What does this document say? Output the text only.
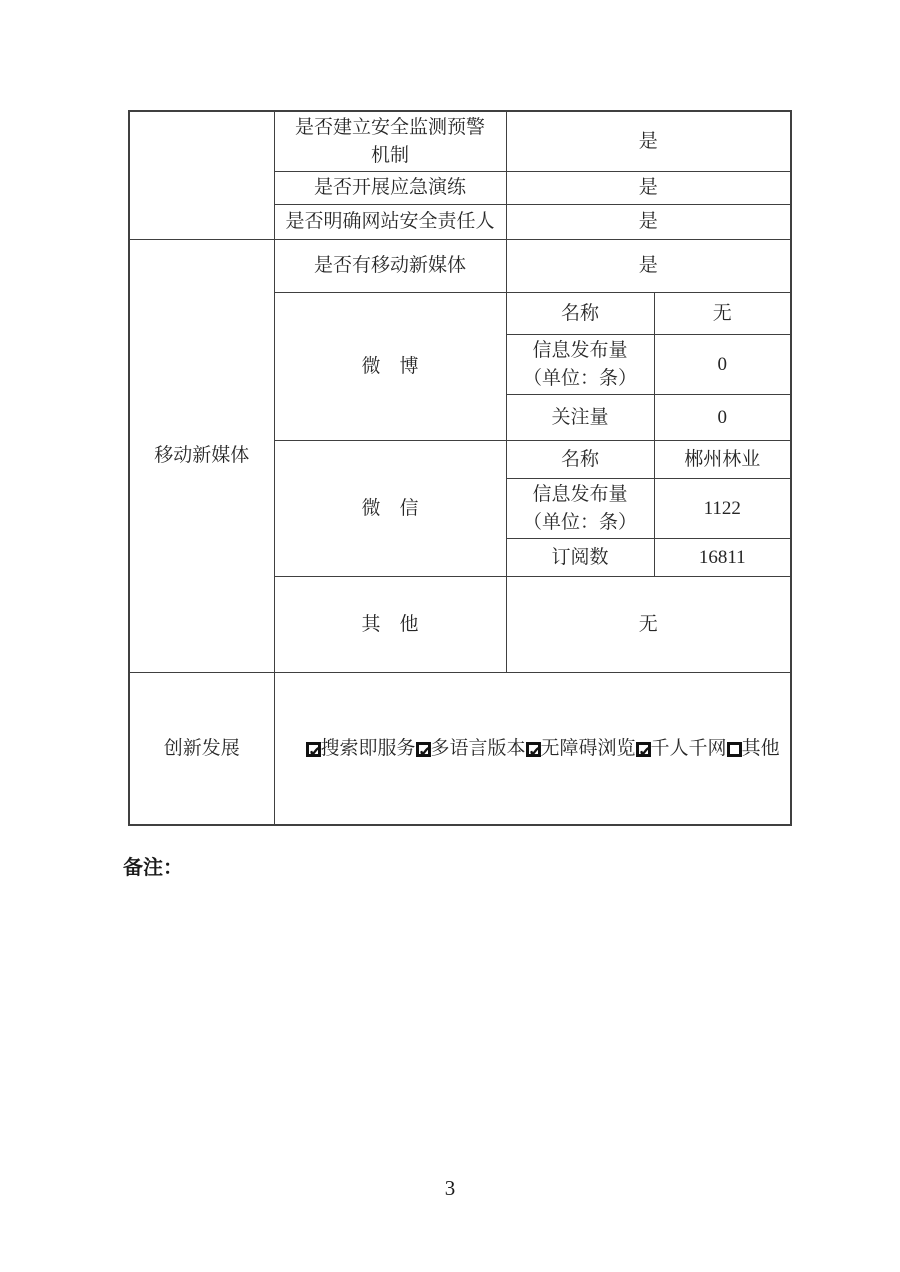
	是否建立安全监测预警
机制	是	
	是否开展应急演练	是	
	是否明确网站安全责任人	是	
移动新媒体	是否有移动新媒体	是	
	微　博	名称	无
		信息发布量
（单位：条）	0
		关注量	0
	微　信	名称	郴州林业
		信息发布量
（单位：条）	1122
		订阅数	16811
	其　他	无	
创新发展	✔搜索即服务 ✔多语言版本 ✔无障碍浏览 ✔千人千网 其他		
备注：
3
